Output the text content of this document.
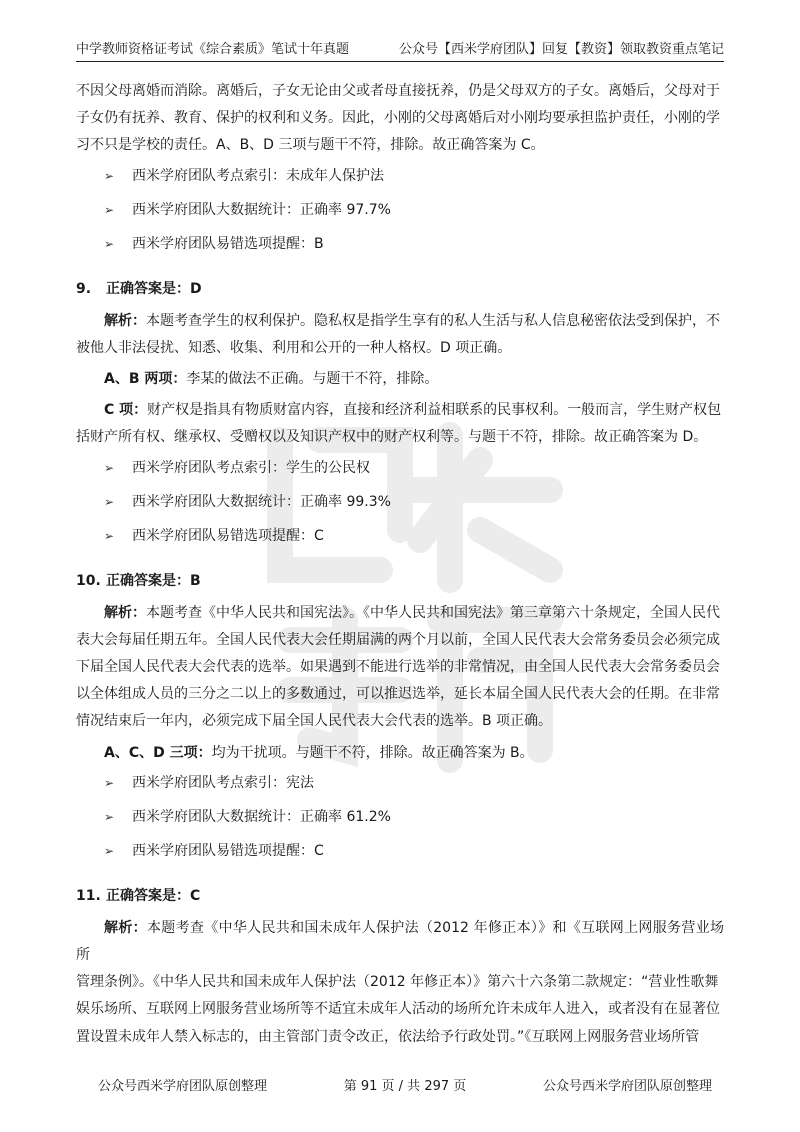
中学教师资格证考试《综合素质》笔试十年真题	公众号【西米学府团队】回复【教资】领取教资重点笔记
不因父母离婚而消除。离婚后，子女无论由父或者母直接抚养，仍是父母双方的子女。离婚后，父母对于
子女仍有抚养、教育、保护的权利和义务。因此，小刚的父母离婚后对小刚均要承担监护责任，小刚的学
习不只是学校的责任。A、B、D 三项与题干不符，排除。故正确答案为 C。
➢	西米学府团队考点索引：未成年人保护法
➢	西米学府团队大数据统计：正确率 97.7%
➢	西米学府团队易错选项提醒：B
9.	正确答案是：D
解析：本题考查学生的权利保护。隐私权是指学生享有的私人生活与私人信息秘密依法受到保护，不
被他人非法侵扰、知悉、收集、利用和公开的一种人格权。D 项正确。
A、B 两项：李某的做法不正确。与题干不符，排除。
C 项：财产权是指具有物质财富内容，直接和经济利益相联系的民事权利。一般而言，学生财产权包
括财产所有权、继承权、受赠权以及知识产权中的财产权利等。与题干不符，排除。故正确答案为 D。
➢	西米学府团队考点索引：学生的公民权
➢	西米学府团队大数据统计：正确率 99.3%
➢	西米学府团队易错选项提醒：C
10. 正确答案是：B
解析：本题考查《中华人民共和国宪法》。《中华人民共和国宪法》第三章第六十条规定，全国人民代
表大会每届任期五年。全国人民代表大会任期届满的两个月以前，全国人民代表大会常务委员会必须完成
下届全国人民代表大会代表的选举。如果遇到不能进行选举的非常情况，由全国人民代表大会常务委员会
以全体组成人员的三分之二以上的多数通过，可以推迟选举，延长本届全国人民代表大会的任期。在非常
情况结束后一年内，必须完成下届全国人民代表大会代表的选举。B 项正确。
A、C、D 三项：均为干扰项。与题干不符，排除。故正确答案为 B。
➢	西米学府团队考点索引：宪法
➢	西米学府团队大数据统计：正确率 61.2%
➢	西米学府团队易错选项提醒：C
11. 正确答案是：C
解析：本题考查《中华人民共和国未成年人保护法（2012 年修正本）》和《互联网上网服务营业场所
管理条例》。《中华人民共和国未成年人保护法（2012 年修正本）》第六十六条第二款规定：“营业性歌舞
娱乐场所、互联网上网服务营业场所等不适宜未成年人活动的场所允许未成年人进入，或者没有在显著位
置设置未成年人禁入标志的，由主管部门责令改正，依法给予行政处罚。”《互联网上网服务营业场所管
公众号西米学府团队原创整理	第 91 页 / 共 297 页	公众号西米学府团队原创整理
